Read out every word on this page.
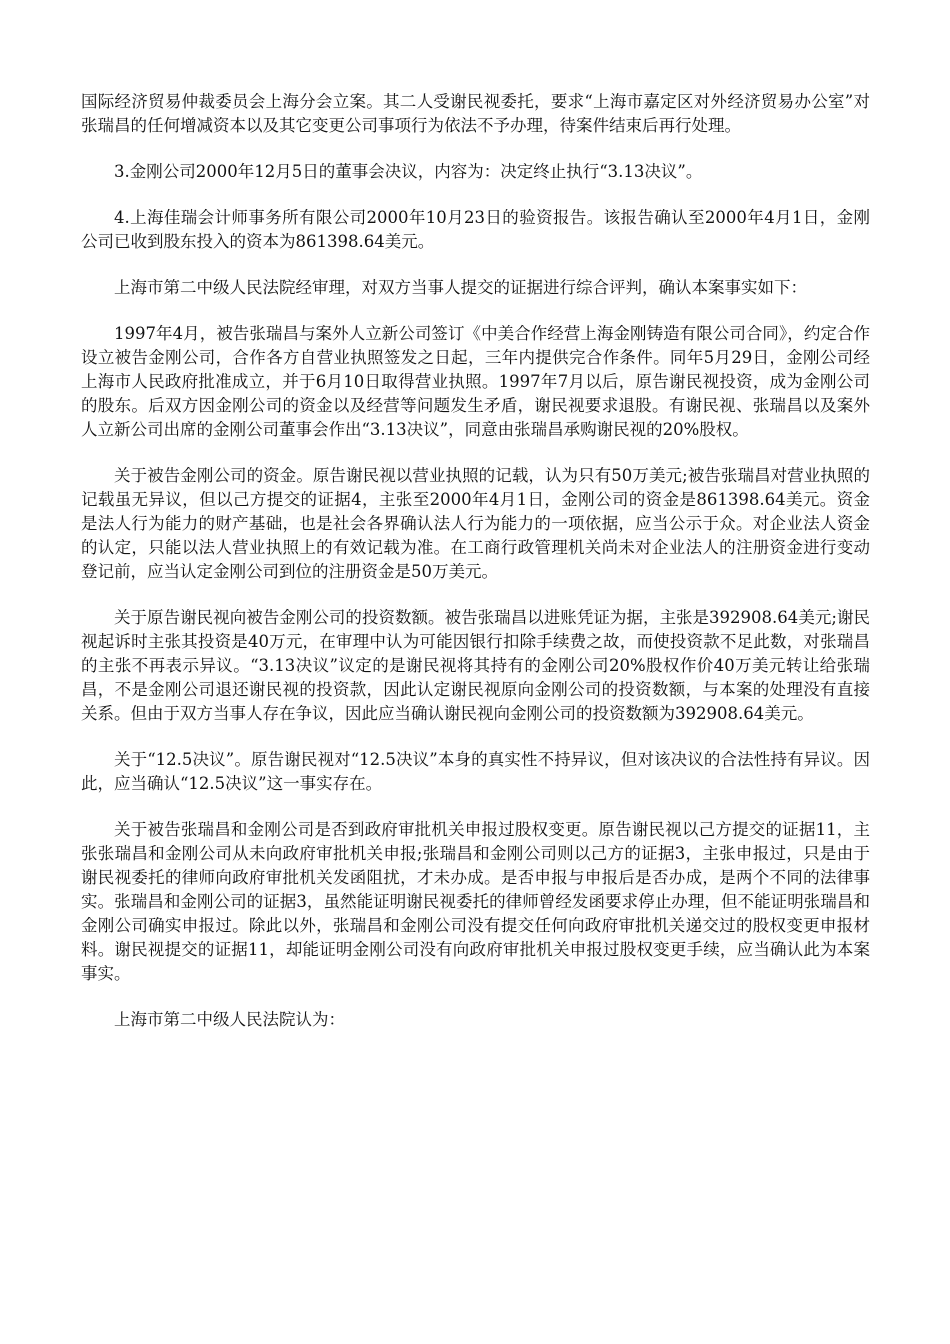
国际经济贸易仲裁委员会上海分会立案。其二人受谢民视委托，要求“上海市嘉定区对外经济贸易办公室”对张瑞昌的任何增减资本以及其它变更公司事项行为依法不予办理，待案件结束后再行处理。

3.金刚公司2000年12月5日的董事会决议，内容为：决定终止执行“3.13决议”。

4.上海佳瑞会计师事务所有限公司2000年10月23日的验资报告。该报告确认至2000年4月1日，金刚公司已收到股东投入的资本为861398.64美元。

上海市第二中级人民法院经审理，对双方当事人提交的证据进行综合评判，确认本案事实如下：

1997年4月，被告张瑞昌与案外人立新公司签订《中美合作经营上海金刚铸造有限公司合同》，约定合作设立被告金刚公司，合作各方自营业执照签发之日起，三年内提供完合作条件。同年5月29日，金刚公司经上海市人民政府批准成立，并于6月10日取得营业执照。1997年7月以后，原告谢民视投资，成为金刚公司的股东。后双方因金刚公司的资金以及经营等问题发生矛盾，谢民视要求退股。有谢民视、张瑞昌以及案外人立新公司出席的金刚公司董事会作出“3.13决议”，同意由张瑞昌承购谢民视的20%股权。

关于被告金刚公司的资金。原告谢民视以营业执照的记载，认为只有50万美元;被告张瑞昌对营业执照的记载虽无异议，但以己方提交的证据4，主张至2000年4月1日，金刚公司的资金是861398.64美元。资金是法人行为能力的财产基础，也是社会各界确认法人行为能力的一项依据，应当公示于众。对企业法人资金的认定，只能以法人营业执照上的有效记载为准。在工商行政管理机关尚未对企业法人的注册资金进行变动登记前，应当认定金刚公司到位的注册资金是50万美元。

关于原告谢民视向被告金刚公司的投资数额。被告张瑞昌以进账凭证为据，主张是392908.64美元;谢民视起诉时主张其投资是40万元，在审理中认为可能因银行扣除手续费之故，而使投资款不足此数，对张瑞昌的主张不再表示异议。“3.13决议”议定的是谢民视将其持有的金刚公司20%股权作价40万美元转让给张瑞昌，不是金刚公司退还谢民视的投资款，因此认定谢民视原向金刚公司的投资数额，与本案的处理没有直接关系。但由于双方当事人存在争议，因此应当确认谢民视向金刚公司的投资数额为392908.64美元。

关于“12.5决议”。原告谢民视对“12.5决议”本身的真实性不持异议，但对该决议的合法性持有异议。因此，应当确认“12.5决议”这一事实存在。

关于被告张瑞昌和金刚公司是否到政府审批机关申报过股权变更。原告谢民视以己方提交的证据11，主张张瑞昌和金刚公司从未向政府审批机关申报;张瑞昌和金刚公司则以己方的证据3，主张申报过，只是由于谢民视委托的律师向政府审批机关发函阻扰，才未办成。是否申报与申报后是否办成，是两个不同的法律事实。张瑞昌和金刚公司的证据3，虽然能证明谢民视委托的律师曾经发函要求停止办理，但不能证明张瑞昌和金刚公司确实申报过。除此以外，张瑞昌和金刚公司没有提交任何向政府审批机关递交过的股权变更申报材料。谢民视提交的证据11，却能证明金刚公司没有向政府审批机关申报过股权变更手续，应当确认此为本案事实。

上海市第二中级人民法院认为：
